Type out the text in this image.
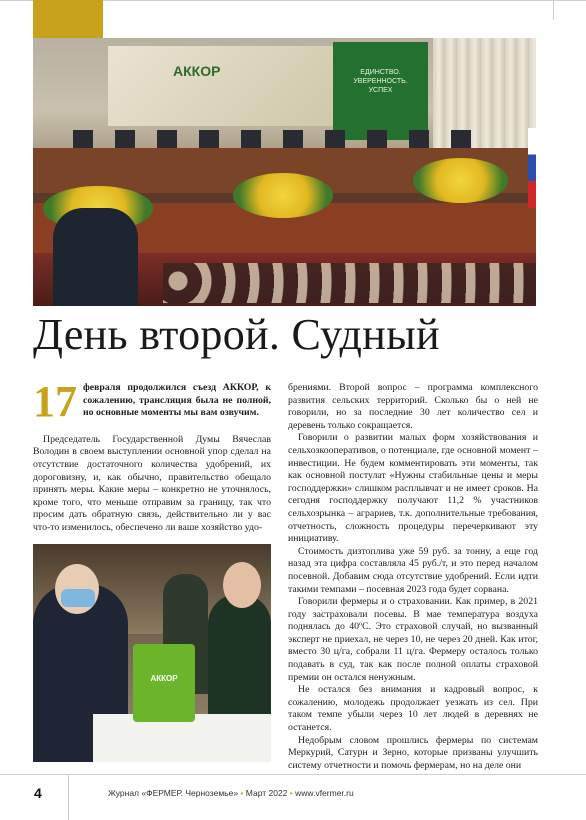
АККОР	ЕДИНСТВО.
УВЕРЕННОСТЬ.
УСПЕХ
День второй. Судный

17 февраля продолжился съезд АККОР, к сожалению, трансляция была не полной, но основные моменты мы вам озвучим.

Председатель Государственной Думы Вячеслав Володин в своем выступлении основной упор сделал на отсутствие достаточного количества удобрений, их дороговизну, и, как обычно, правительство обещало принять меры. Какие меры – конкретно не уточнялось, кроме того, что меньше отправим за границу, так что просим дать обратную связь, действительно ли у вас что-то изменилось, обеспечено ли ваше хозяйство удо-

АККОР

брениями. Второй вопрос – программа комплексного развития сельских территорий. Сколько бы о ней не говорили, но за последние 30 лет количество сел и деревень только сокращается.

Говорили о развитии малых форм хозяйствования и сельхозкооперативов, о потенциале, где основной момент – инвестиции. Не будем комментировать эти моменты, так как основной постулат «Нужны стабильные цены и меры господдержки» слишком расплывчат и не имеет сроков. На сегодня господдержку получают 11,2 % участников сельхозрынка – аграриев, т.к. дополнительные требования, отчетность, сложность процедуры перечеркивают эту инициативу.

Стоимость дизтоплива уже 59 руб. за тонну, а еще год назад эта цифра составляла 45 руб./т, и это перед началом посевной. Добавим сюда отсутствие удобрений. Если идти такими темпами – посевная 2023 года будет сорвана.

Говорили фермеры и о страховании. Как пример, в 2021 году застраховали посевы. В мае температура воздуха поднялась до 40ºС. Это страховой случай, но вызванный эксперт не приехал, не через 10, не через 20 дней. Как итог, вместо 30 ц/га, собрали 11 ц/га. Фермеру осталось только подавать в суд, так как после полной оплаты страховой премии он остался ненужным.

Не остался без внимания и кадровый вопрос, к сожалению, молодежь продолжает уезжать из сел. При таком темпе убыли через 10 лет людей в деревнях не останется.

Недобрым словом прошлись фермеры по системам Меркурий, Сатурн и Зерно, которые призваны улучшить систему отчетности и помочь фермерам, но на деле они

4	Журнал «ФЕРМЕР. Черноземье» • Март 2022 • www.vfermer.ru
